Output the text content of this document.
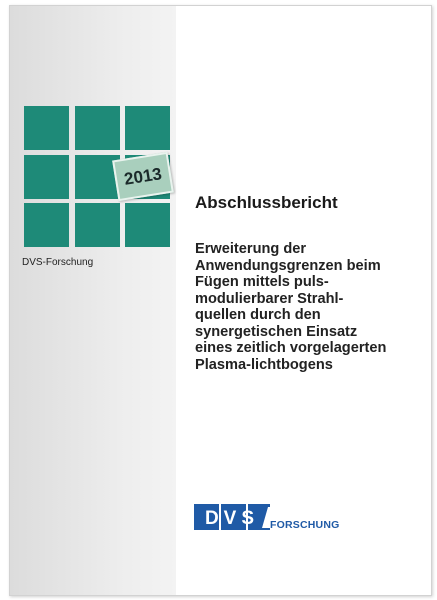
2013
DVS-Forschung
Abschlussbericht
Erweiterung der
Anwendungsgrenzen beim
Fügen mittels puls-
modulierbarer Strahl-
quellen durch den
synergetischen Einsatz
eines zeitlich vorgelagerten
Plasma-lichtbogens
DVS FORSCHUNG
